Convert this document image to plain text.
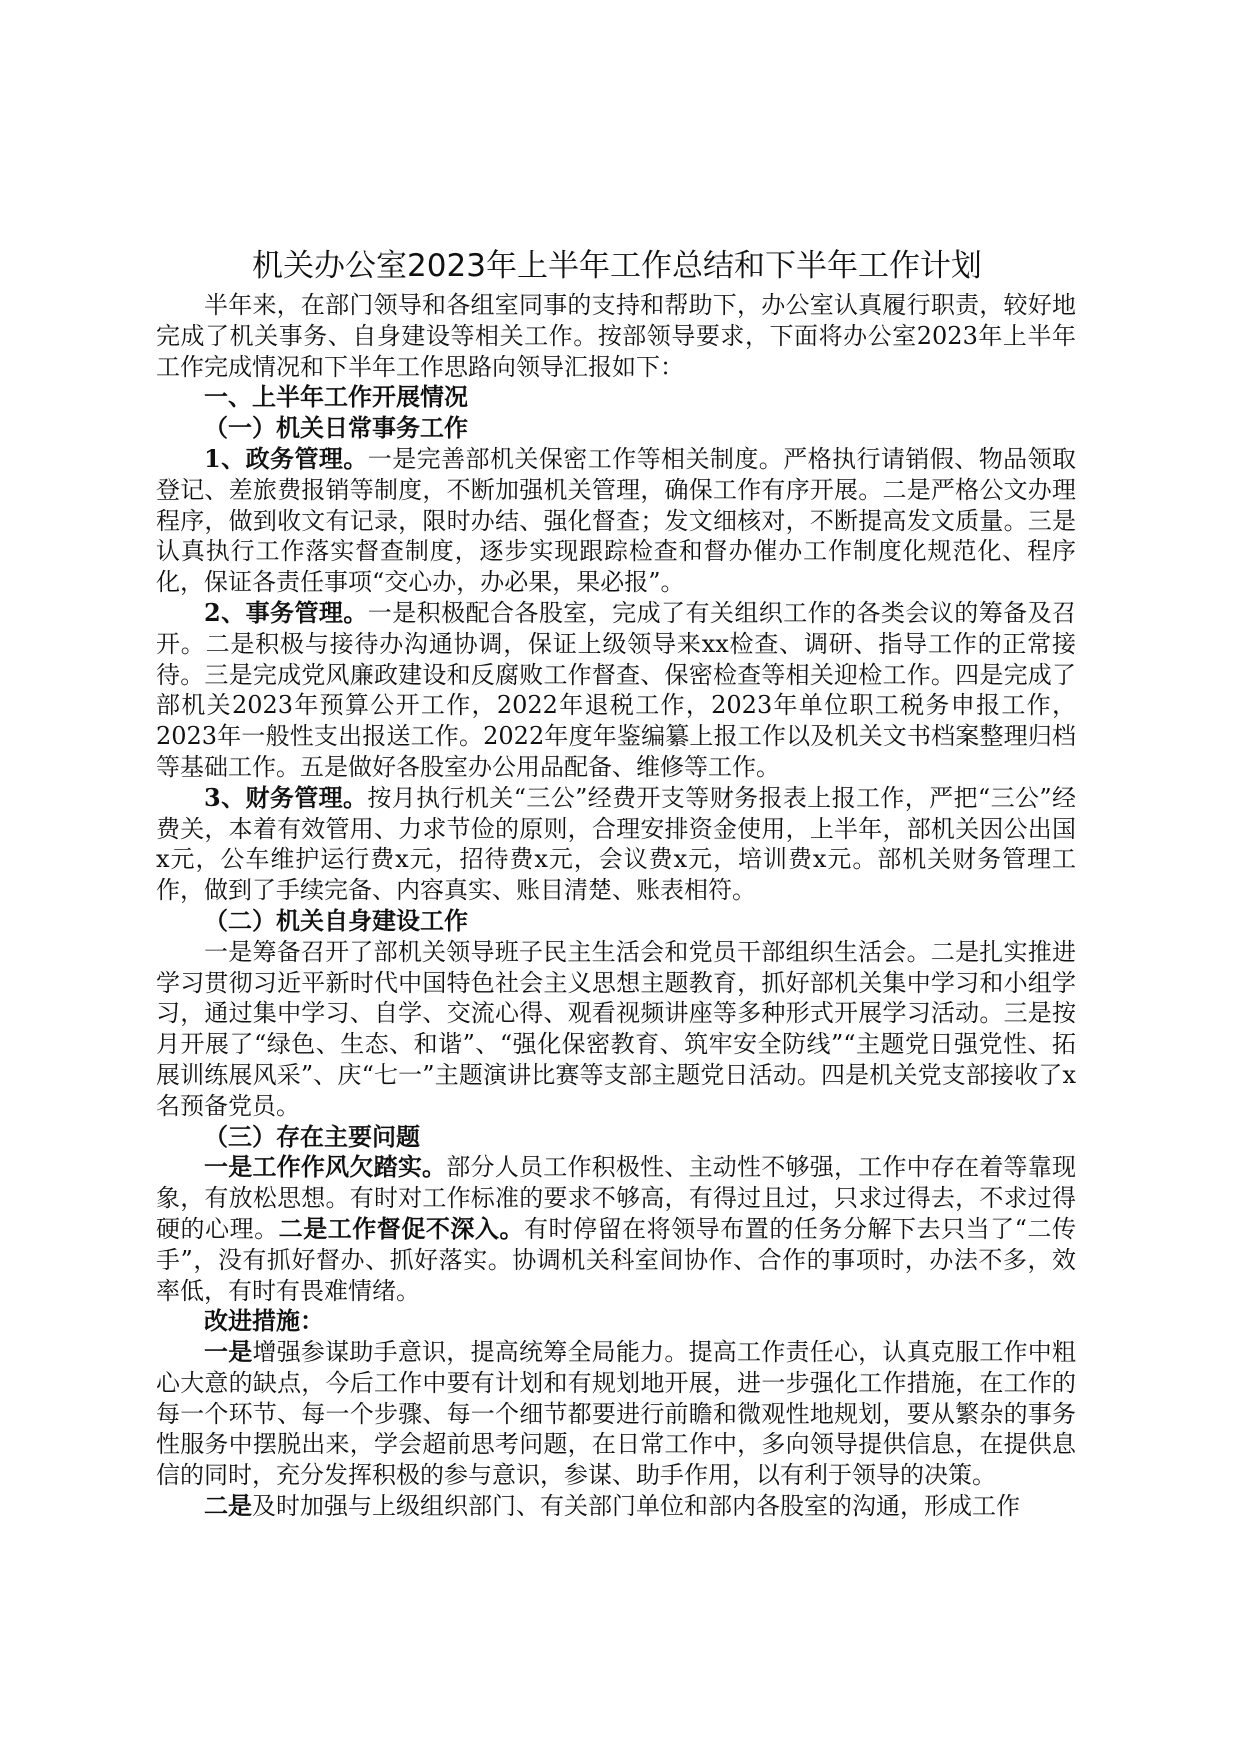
机关办公室2023年上半年工作总结和下半年工作计划

半年来，在部门领导和各组室同事的支持和帮助下，办公室认真履行职责，较好地完成了机关事务、自身建设等相关工作。按部领导要求，下面将办公室2023年上半年工作完成情况和下半年工作思路向领导汇报如下：

一、上半年工作开展情况

（一）机关日常事务工作

1、政务管理。一是完善部机关保密工作等相关制度。严格执行请销假、物品领取登记、差旅费报销等制度，不断加强机关管理，确保工作有序开展。二是严格公文办理程序，做到收文有记录，限时办结、强化督查；发文细核对，不断提高发文质量。三是认真执行工作落实督查制度，逐步实现跟踪检查和督办催办工作制度化规范化、程序化，保证各责任事项“交心办，办必果，果必报”。

2、事务管理。一是积极配合各股室，完成了有关组织工作的各类会议的筹备及召开。二是积极与接待办沟通协调，保证上级领导来xx检查、调研、指导工作的正常接待。三是完成党风廉政建设和反腐败工作督查、保密检查等相关迎检工作。四是完成了部机关2023年预算公开工作，2022年退税工作，2023年单位职工税务申报工作，2023年一般性支出报送工作。2022年度年鉴编纂上报工作以及机关文书档案整理归档等基础工作。五是做好各股室办公用品配备、维修等工作。

3、财务管理。按月执行机关“三公”经费开支等财务报表上报工作，严把“三公”经费关，本着有效管用、力求节俭的原则，合理安排资金使用，上半年，部机关因公出国x元，公车维护运行费x元，招待费x元，会议费x元，培训费x元。部机关财务管理工作，做到了手续完备、内容真实、账目清楚、账表相符。

（二）机关自身建设工作

一是筹备召开了部机关领导班子民主生活会和党员干部组织生活会。二是扎实推进学习贯彻习近平新时代中国特色社会主义思想主题教育，抓好部机关集中学习和小组学习，通过集中学习、自学、交流心得、观看视频讲座等多种形式开展学习活动。三是按月开展了“绿色、生态、和谐”、“强化保密教育、筑牢安全防线”“主题党日强党性、拓展训练展风采”、庆“七一”主题演讲比赛等支部主题党日活动。四是机关党支部接收了x名预备党员。

（三）存在主要问题

一是工作作风欠踏实。部分人员工作积极性、主动性不够强，工作中存在着等靠现象，有放松思想。有时对工作标准的要求不够高，有得过且过，只求过得去，不求过得硬的心理。二是工作督促不深入。有时停留在将领导布置的任务分解下去只当了“二传手”，没有抓好督办、抓好落实。协调机关科室间协作、合作的事项时，办法不多，效率低，有时有畏难情绪。

改进措施：

一是增强参谋助手意识，提高统筹全局能力。提高工作责任心，认真克服工作中粗心大意的缺点，今后工作中要有计划和有规划地开展，进一步强化工作措施，在工作的每一个环节、每一个步骤、每一个细节都要进行前瞻和微观性地规划，要从繁杂的事务性服务中摆脱出来，学会超前思考问题，在日常工作中，多向领导提供信息，在提供息信的同时，充分发挥积极的参与意识，参谋、助手作用，以有利于领导的决策。

二是及时加强与上级组织部门、有关部门单位和部内各股室的沟通，形成工作
